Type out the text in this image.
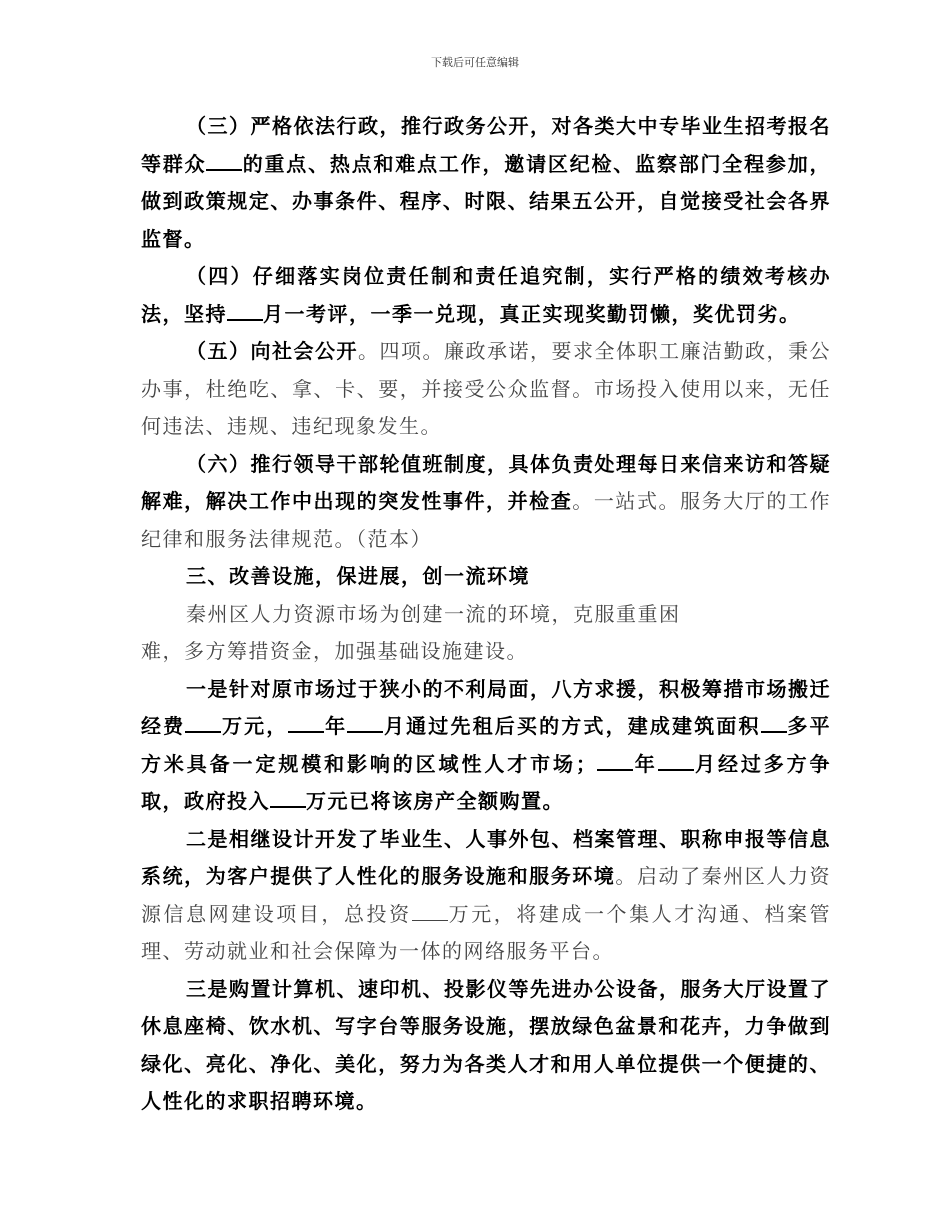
下载后可任意编辑

（三）严格依法行政，推行政务公开，对各类大中专毕业生招考报名等群众 的重点、热点和难点工作，邀请区纪检、监察部门全程参加，做到政策规定、办事条件、程序、时限、结果五公开，自觉接受社会各界监督。

（四）仔细落实岗位责任制和责任追究制，实行严格的绩效考核办法，坚持 月一考评，一季一兑现，真正实现奖勤罚懒，奖优罚劣。

（五）向社会公开。四项。廉政承诺，要求全体职工廉洁勤政，秉公办事，杜绝吃、拿、卡、要，并接受公众监督。市场投入使用以来，无任何违法、违规、违纪现象发生。

（六）推行领导干部轮值班制度，具体负责处理每日来信来访和答疑解难，解决工作中出现的突发性事件，并检查。一站式。服务大厅的工作纪律和服务法律规范。（范本）

三、改善设施，保进展，创一流环境

秦州区人力资源市场为创建一流的环境，克服重重困
难，多方筹措资金，加强基础设施建设。

一是针对原市场过于狭小的不利局面，八方求援，积极筹措市场搬迁经费 万元， 年 月通过先租后买的方式，建成建筑面积 多平方米具备一定规模和影响的区域性人才市场； 年 月经过多方争取，政府投入 万元已将该房产全额购置。

二是相继设计开发了毕业生、人事外包、档案管理、职称申报等信息系统，为客户提供了人性化的服务设施和服务环境。启动了秦州区人力资源信息网建设项目，总投资 万元，将建成一个集人才沟通、档案管理、劳动就业和社会保障为一体的网络服务平台。

三是购置计算机、速印机、投影仪等先进办公设备，服务大厅设置了休息座椅、饮水机、写字台等服务设施，摆放绿色盆景和花卉，力争做到绿化、亮化、净化、美化，努力为各类人才和用人单位提供一个便捷的、人性化的求职招聘环境。
